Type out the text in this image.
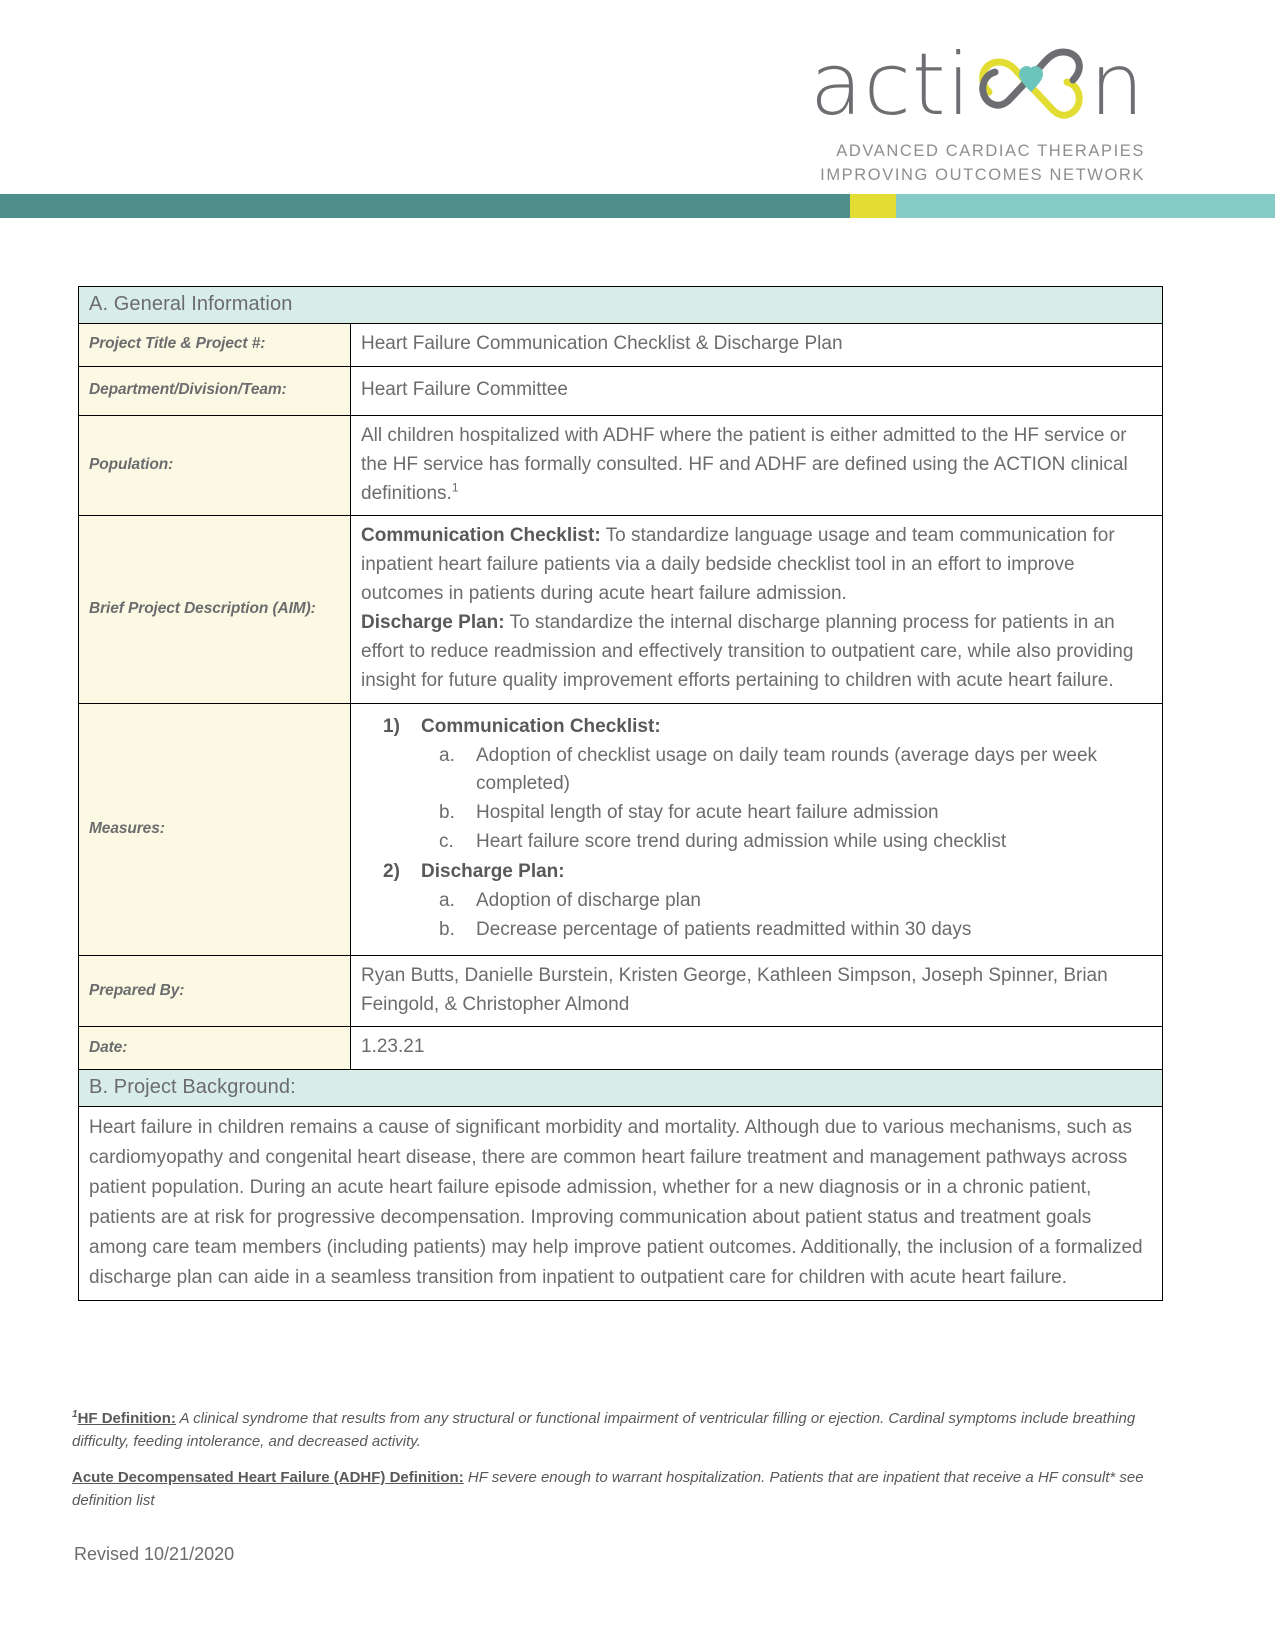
acti n
ADVANCED CARDIAC THERAPIES
IMPROVING OUTCOMES NETWORK
A. General Information	
Project Title & Project #:	Heart Failure Communication Checklist & Discharge Plan
Department/Division/Team:	Heart Failure Committee
Population:	All children hospitalized with ADHF where the patient is either admitted to the HF service or the HF service has formally consulted. HF and ADHF are defined using the ACTION clinical definitions.$^1$
Brief Project Description (AIM):	Communication Checklist: To standardize language usage and team communication for inpatient heart failure patients via a daily bedside checklist tool in an effort to improve outcomes in patients during acute heart failure admission.
Discharge Plan: To standardize the internal discharge planning process for patients in an effort to reduce readmission and effectively transition to outpatient care, while also providing insight for future quality improvement efforts pertaining to children with acute heart failure.

Measures:	
1) Communication Checklist:
a. Adoption of checklist usage on daily team rounds (average days per week completed)
b. Hospital length of stay for acute heart failure admission
c. Heart failure score trend during admission while using checklist
2) Discharge Plan:
a. Adoption of discharge plan
b. Decrease percentage of patients readmitted within 30 days

Prepared By:	Ryan Butts, Danielle Burstein, Kristen George, Kathleen Simpson, Joseph Spinner, Brian Feingold, & Christopher Almond
Date:	1.23.21
B. Project Background:	
Heart failure in children remains a cause of significant morbidity and mortality. Although due to various mechanisms, such as cardiomyopathy and congenital heart disease, there are common heart failure treatment and management pathways across patient population. During an acute heart failure episode admission, whether for a new diagnosis or in a chronic patient, patients are at risk for progressive decompensation. Improving communication about patient status and treatment goals among care team members (including patients) may help improve patient outcomes. Additionally, the inclusion of a formalized discharge plan can aide in a seamless transition from inpatient to outpatient care for children with acute heart failure.	

$^1$HF Definition: A clinical syndrome that results from any structural or functional impairment of ventricular filling or ejection. Cardinal symptoms include breathing difficulty, feeding intolerance, and decreased activity.

Acute Decompensated Heart Failure (ADHF) Definition: HF severe enough to warrant hospitalization. Patients that are inpatient that receive a HF consult* see definition list

Revised 10/21/2020
